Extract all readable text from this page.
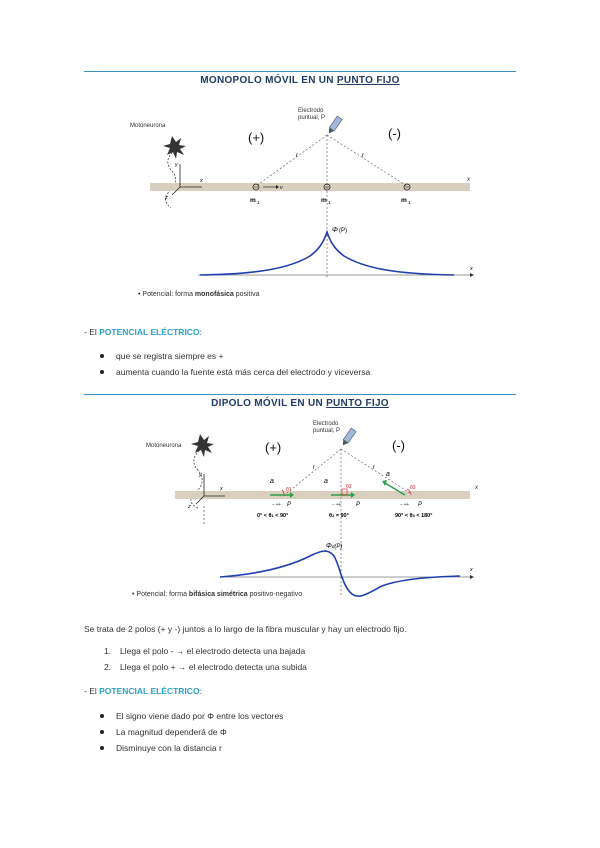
MONOPOLO MÓVIL EN UN PUNTO FIJO
Motoneurona
x
x
y
z
Electrodo
puntual, P
r	r
(+)	(-)
v
m 1	m 1	m 1
x
Φ (P)
• Potencial: forma monofásica positiva
- El POTENCIAL ELÉCTRICO:
que se registra siempre es +
aumenta cuando la fuente está más cerca del electrodo y viceversa
DIPOLO MÓVIL EN UN PUNTO FIJO
Motoneurona
x
x
y
z
Electrodo
puntual, P
r	r
(+)	(-)
a
θ1
− •+ P
a
θ2
− •+	P
a
θ3
− •+ P
0° < θ1 < 90°	θ2 = 90°	90° < θ3 < 180°
x
Φd(P)
• Potencial: forma bifásica simétrica positivo-negativo
Se trata de 2 polos (+ y -) juntos a lo largo de la fibra muscular y hay un electrodo fijo.
1. Llega el polo - → el electrodo detecta una bajada
2. Llega el polo + → el electrodo detecta una subida
- El POTENCIAL ELÉCTRICO:
El signo viene dado por Φ entre los vectores
La magnitud dependerá de Φ
Disminuye con la distancia r
